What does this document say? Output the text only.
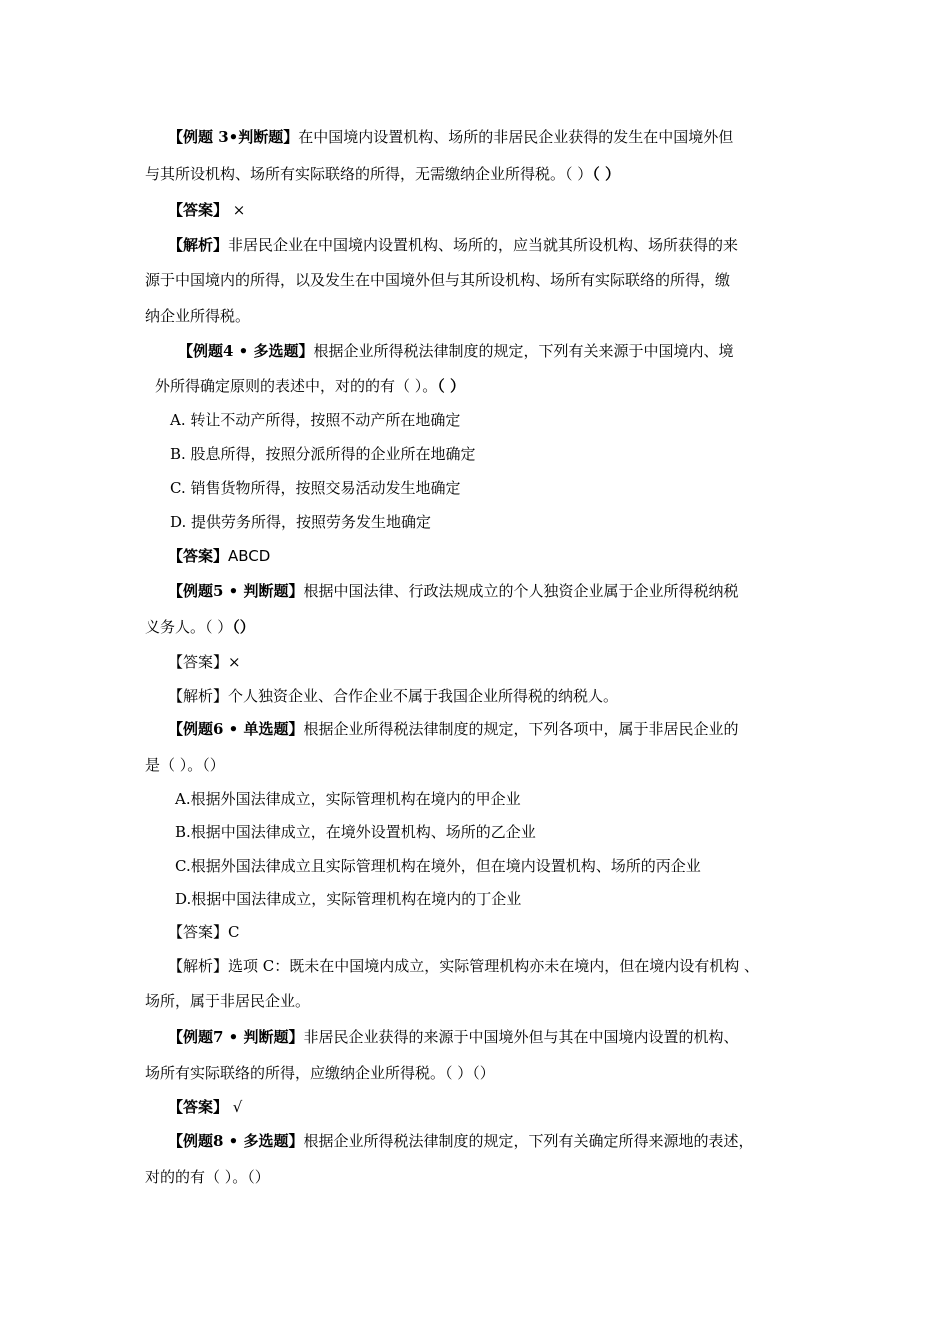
【例题 3•判断题】在中国境内设置机构、场所的非居民企业获得的发生在中国境外但
与其所设机构、场所有实际联络的所得，无需缴纳企业所得税。（ ）（ ）
【答案】 ×
【解析】非居民企业在中国境内设置机构、场所的，应当就其所设机构、场所获得的来
源于中国境内的所得，以及发生在中国境外但与其所设机构、场所有实际联络的所得，缴
纳企业所得税。
【例题4 • 多选题】根据企业所得税法律制度的规定，下列有关来源于中国境内、境
外所得确定原则的表述中，对的的有（ ）。（ ）
A. 转让不动产所得，按照不动产所在地确定
B. 股息所得，按照分派所得的企业所在地确定
C. 销售货物所得，按照交易活动发生地确定
D. 提供劳务所得，按照劳务发生地确定
【答案】ABCD
【例题5 • 判断题】根据中国法律、行政法规成立的个人独资企业属于企业所得税纳税
义务人。（ ）（）
【答案】×
【解析】个人独资企业、合作企业不属于我国企业所得税的纳税人。
【例题6 • 单选题】根据企业所得税法律制度的规定，下列各项中，属于非居民企业的
是（ ）。（）
A.根据外国法律成立，实际管理机构在境内的甲企业
B.根据中国法律成立，在境外设置机构、场所的乙企业
C.根据外国法律成立且实际管理机构在境外，但在境内设置机构、场所的丙企业
D.根据中国法律成立，实际管理机构在境内的丁企业
【答案】C
【解析】选项 C：既未在中国境内成立，实际管理机构亦未在境内，但在境内设有机构 、
场所，属于非居民企业。
【例题7 • 判断题】非居民企业获得的来源于中国境外但与其在中国境内设置的机构、
场所有实际联络的所得，应缴纳企业所得税。（ ）（）
【答案】 √
【例题8 • 多选题】根据企业所得税法律制度的规定，下列有关确定所得来源地的表述，
对的的有（ ）。（）
